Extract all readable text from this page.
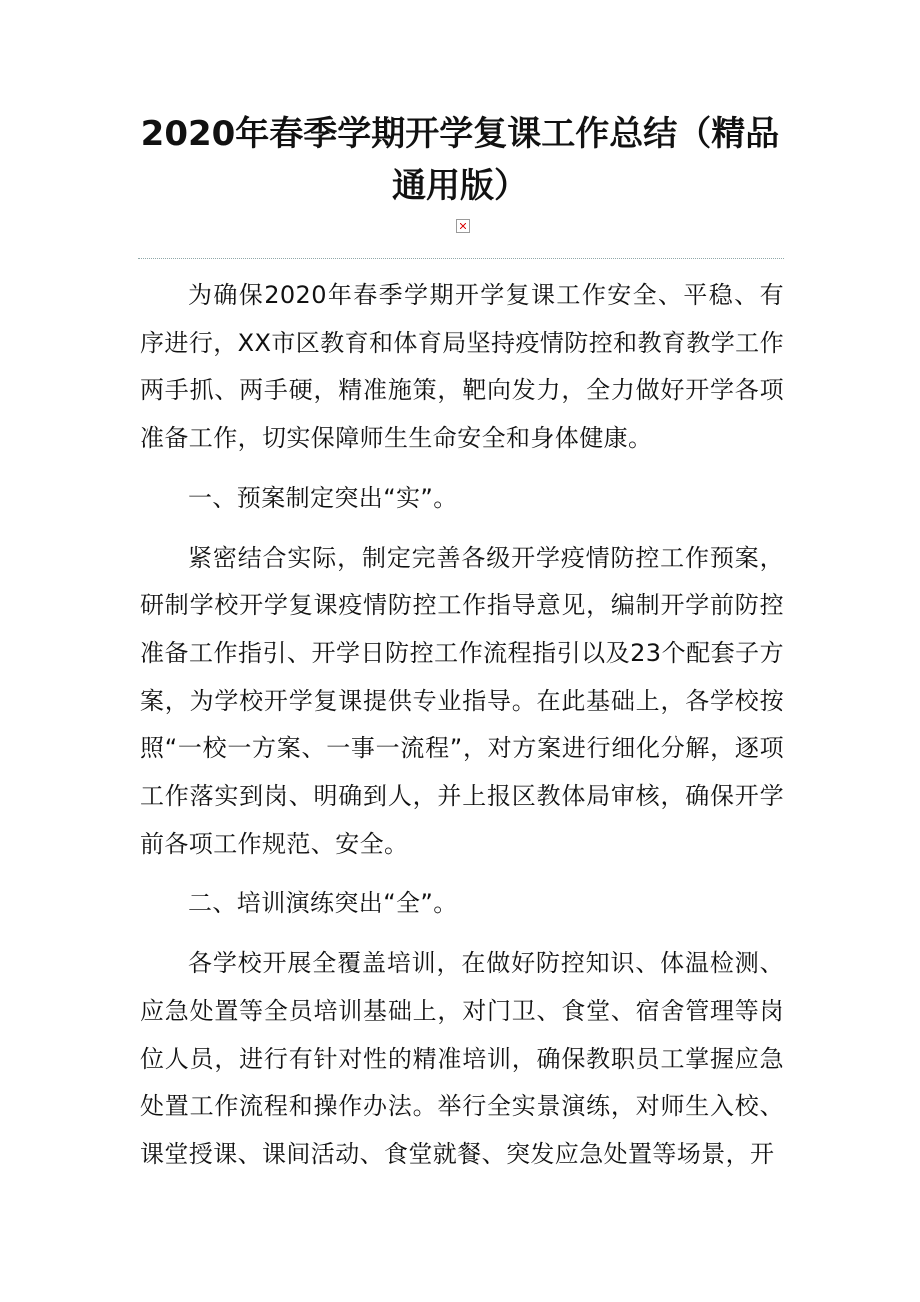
2020年春季学期开学复课工作总结（精品通用版）

为确保2020年春季学期开学复课工作安全、平稳、有序进行，XX市区教育和体育局坚持疫情防控和教育教学工作两手抓、两手硬，精准施策，靶向发力，全力做好开学各项准备工作，切实保障师生生命安全和身体健康。

一、预案制定突出“实”。

紧密结合实际，制定完善各级开学疫情防控工作预案，研制学校开学复课疫情防控工作指导意见，编制开学前防控准备工作指引、开学日防控工作流程指引以及23个配套子方案，为学校开学复课提供专业指导。在此基础上，各学校按照“一校一方案、一事一流程”，对方案进行细化分解，逐项工作落实到岗、明确到人，并上报区教体局审核，确保开学前各项工作规范、安全。

二、培训演练突出“全”。

各学校开展全覆盖培训，在做好防控知识、体温检测、应急处置等全员培训基础上，对门卫、食堂、宿舍管理等岗位人员，进行有针对性的精准培训，确保教职员工掌握应急处置工作流程和操作办法。举行全实景演练，对师生入校、课堂授课、课间活动、食堂就餐、突发应急处置等场景，开
